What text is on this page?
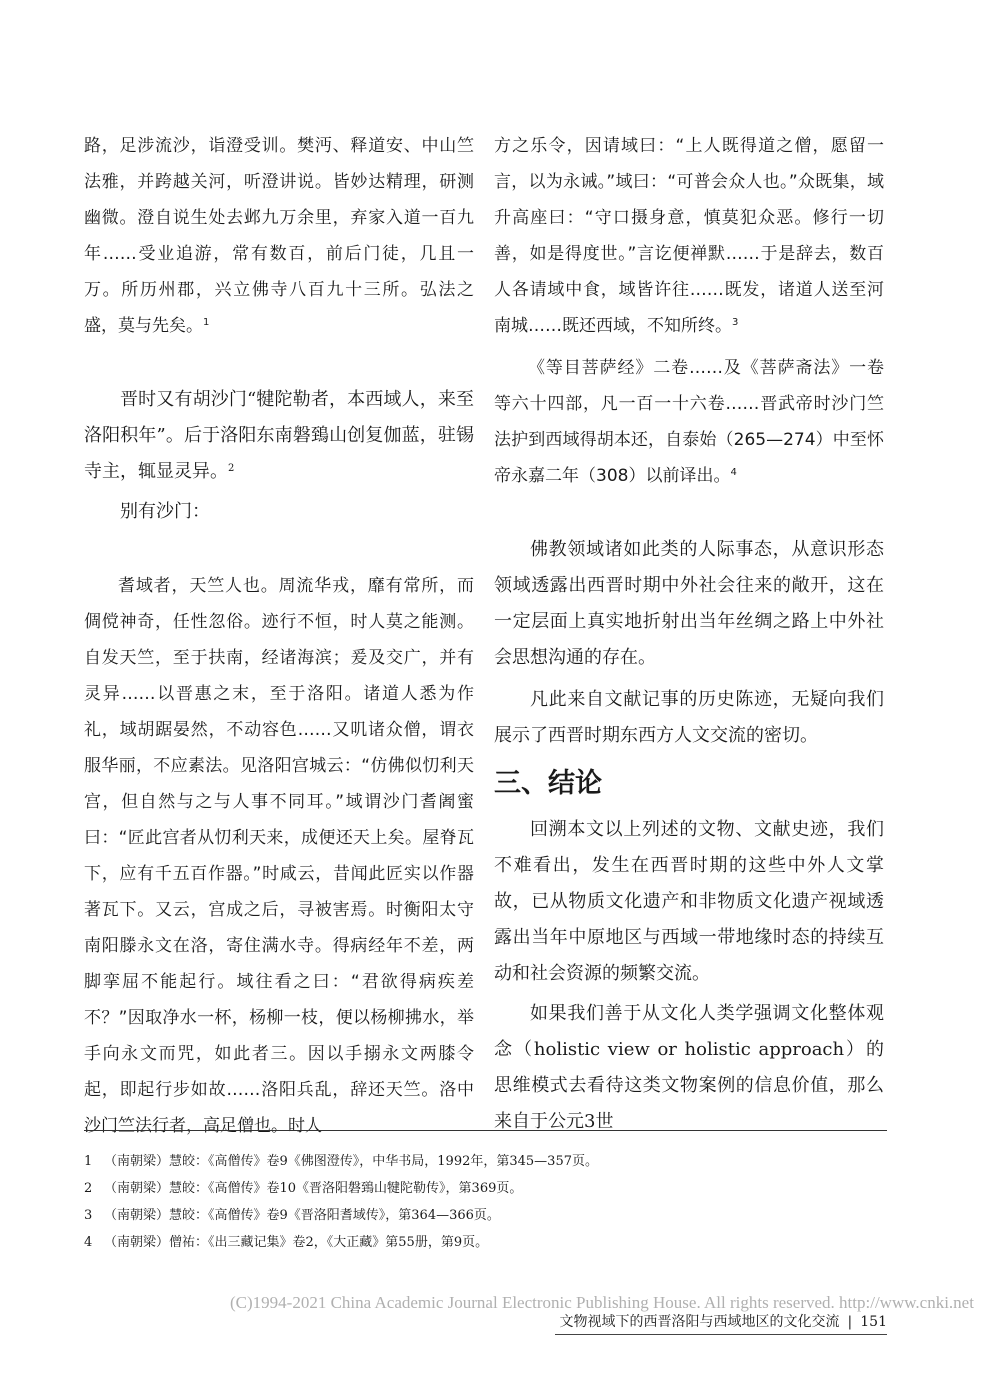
路，足涉流沙，诣澄受训。樊沔、释道安、中山竺法雅，并跨越关河，听澄讲说。皆妙达精理，研测幽微。澄自说生处去邺九万余里，弃家入道一百九年……受业追游，常有数百，前后门徒，几且一万。所历州郡，兴立佛寺八百九十三所。弘法之盛，莫与先矣。$^1$

晋时又有胡沙门“犍陀勒者，本西域人，来至洛阳积年”。后于洛阳东南磐鵄山创复伽蓝，驻锡寺主，辄显灵异。$^2$

别有沙门：

耆域者，天竺人也。周流华戎，靡有常所，而倜傥神奇，任性忽俗。迹行不恒，时人莫之能测。自发天竺，至于扶南，经诸海滨；爰及交广，并有灵异……以晋惠之末，至于洛阳。诸道人悉为作礼，域胡踞晏然，不动容色……又叽诸众僧，谓衣服华丽，不应素法。见洛阳宫城云：“仿佛似忉利天宫，但自然与之与人事不同耳。”域谓沙门耆阇蜜曰：“匠此宫者从忉利天来，成便还天上矣。屋脊瓦下，应有千五百作器。”时咸云，昔闻此匠实以作器著瓦下。又云，宫成之后，寻被害焉。时衡阳太守南阳滕永文在洛，寄住满水寺。得病经年不差，两脚挛屈不能起行。域往看之曰：“君欲得病疾差不？”因取净水一杯，杨柳一枝，便以杨柳拂水，举手向永文而咒，如此者三。因以手搦永文两膝令起，即起行步如故……洛阳兵乱，辞还天竺。洛中沙门竺法行者，高足僧也。时人

方之乐令，因请域曰：“上人既得道之僧，愿留一言，以为永诫。”域曰：“可普会众人也。”众既集，域升高座曰：“守口摄身意，慎莫犯众恶。修行一切善，如是得度世。”言讫便禅默……于是辞去，数百人各请域中食，域皆许往……既发，诸道人送至河南城……既还西域，不知所终。$^3$

《等目菩萨经》二卷……及《菩萨斋法》一卷等六十四部，凡一百一十六卷……晋武帝时沙门竺法护到西域得胡本还，自泰始（265—274）中至怀帝永嘉二年（308）以前译出。$^4$

佛教领域诸如此类的人际事态，从意识形态领域透露出西晋时期中外社会往来的敞开，这在一定层面上真实地折射出当年丝绸之路上中外社会思想沟通的存在。

凡此来自文献记事的历史陈迹，无疑向我们展示了西晋时期东西方人文交流的密切。

三、结论

回溯本文以上列述的文物、文献史迹，我们不难看出，发生在西晋时期的这些中外人文掌故，已从物质文化遗产和非物质文化遗产视域透露出当年中原地区与西域一带地缘时态的持续互动和社会资源的频繁交流。

如果我们善于从文化人类学强调文化整体观念（holistic view or holistic approach）的思维模式去看待这类文物案例的信息价值，那么来自于公元3世

1 （南朝梁）慧皎：《高僧传》卷9《佛图澄传》，中华书局，1992年，第345—357页。
2 （南朝梁）慧皎：《高僧传》卷10《晋洛阳磐鵄山犍陀勒传》，第369页。
3 （南朝梁）慧皎：《高僧传》卷9《晋洛阳耆域传》，第364—366页。
4 （南朝梁）僧祐：《出三藏记集》卷2，《大正藏》第55册，第9页。
(C)1994-2021 China Academic Journal Electronic Publishing House. All rights reserved. http://www.cnki.net
文物视域下的西晋洛阳与西域地区的文化交流 | 151
